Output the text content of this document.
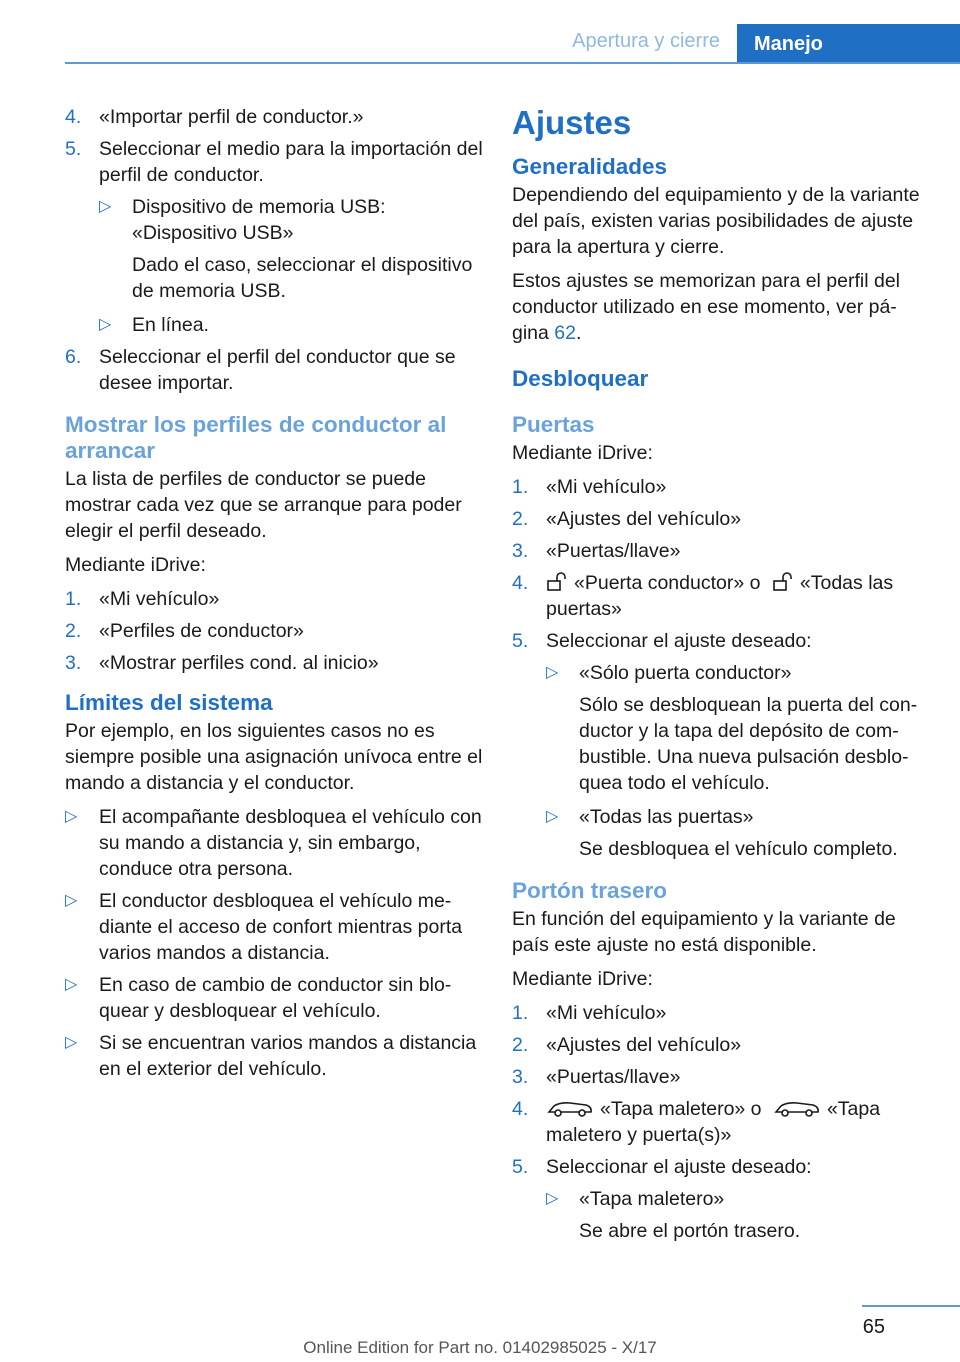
Apertura y cierre	Manejo
4. «Importar perfil de conductor.»
5. Seleccionar el medio para la importación del perfil de conductor.
▷	Dispositivo de memoria USB: «Dispositivo USB»
Dado el caso, seleccionar el dispositivo de memoria USB.
▷	En línea.
6. Seleccionar el perfil del conductor que se desee importar.
Mostrar los perfiles de conductor al arrancar
La lista de perfiles de conductor se puede mostrar cada vez que se arranque para poder elegir el perfil deseado.
Mediante iDrive:
1. «Mi vehículo»
2. «Perfiles de conductor»
3. «Mostrar perfiles cond. al inicio»
Límites del sistema
Por ejemplo, en los siguientes casos no es siempre posible una asignación unívoca entre el mando a distancia y el conductor.
▷	El acompañante desbloquea el vehículo con su mando a distancia y, sin embargo, conduce otra persona.
▷	El conductor desbloquea el vehículo me‐diante el acceso de confort mientras porta varios mandos a distancia.
▷	En caso de cambio de conductor sin blo‐quear y desbloquear el vehículo.
▷	Si se encuentran varios mandos a distancia en el exterior del vehículo.
Ajustes
Generalidades
Dependiendo del equipamiento y de la variante del país, existen varias posibilidades de ajuste para la apertura y cierre.
Estos ajustes se memorizan para el perfil del conductor utilizado en ese momento, ver pá‐gina 62.
Desbloquear
Puertas
Mediante iDrive:
1. «Mi vehículo»
2. «Ajustes del vehículo»
3. «Puertas/llave»
4.	«Puerta conductor» o «Todas las puertas»
5. Seleccionar el ajuste deseado:
▷	«Sólo puerta conductor»
Sólo se desbloquean la puerta del con‐ductor y la tapa del depósito de com‐bustible. Una nueva pulsación desblo‐quea todo el vehículo.
▷	«Todas las puertas»
Se desbloquea el vehículo completo.
Portón trasero
En función del equipamiento y la variante de país este ajuste no está disponible.
Mediante iDrive:
1. «Mi vehículo»
2. «Ajustes del vehículo»
3. «Puertas/llave»
4.	«Tapa maletero» o	«Tapa maletero y puerta(s)»
5. Seleccionar el ajuste deseado:
▷	«Tapa maletero»
Se abre el portón trasero.
65
Online Edition for Part no. 01402985025 - X/17
